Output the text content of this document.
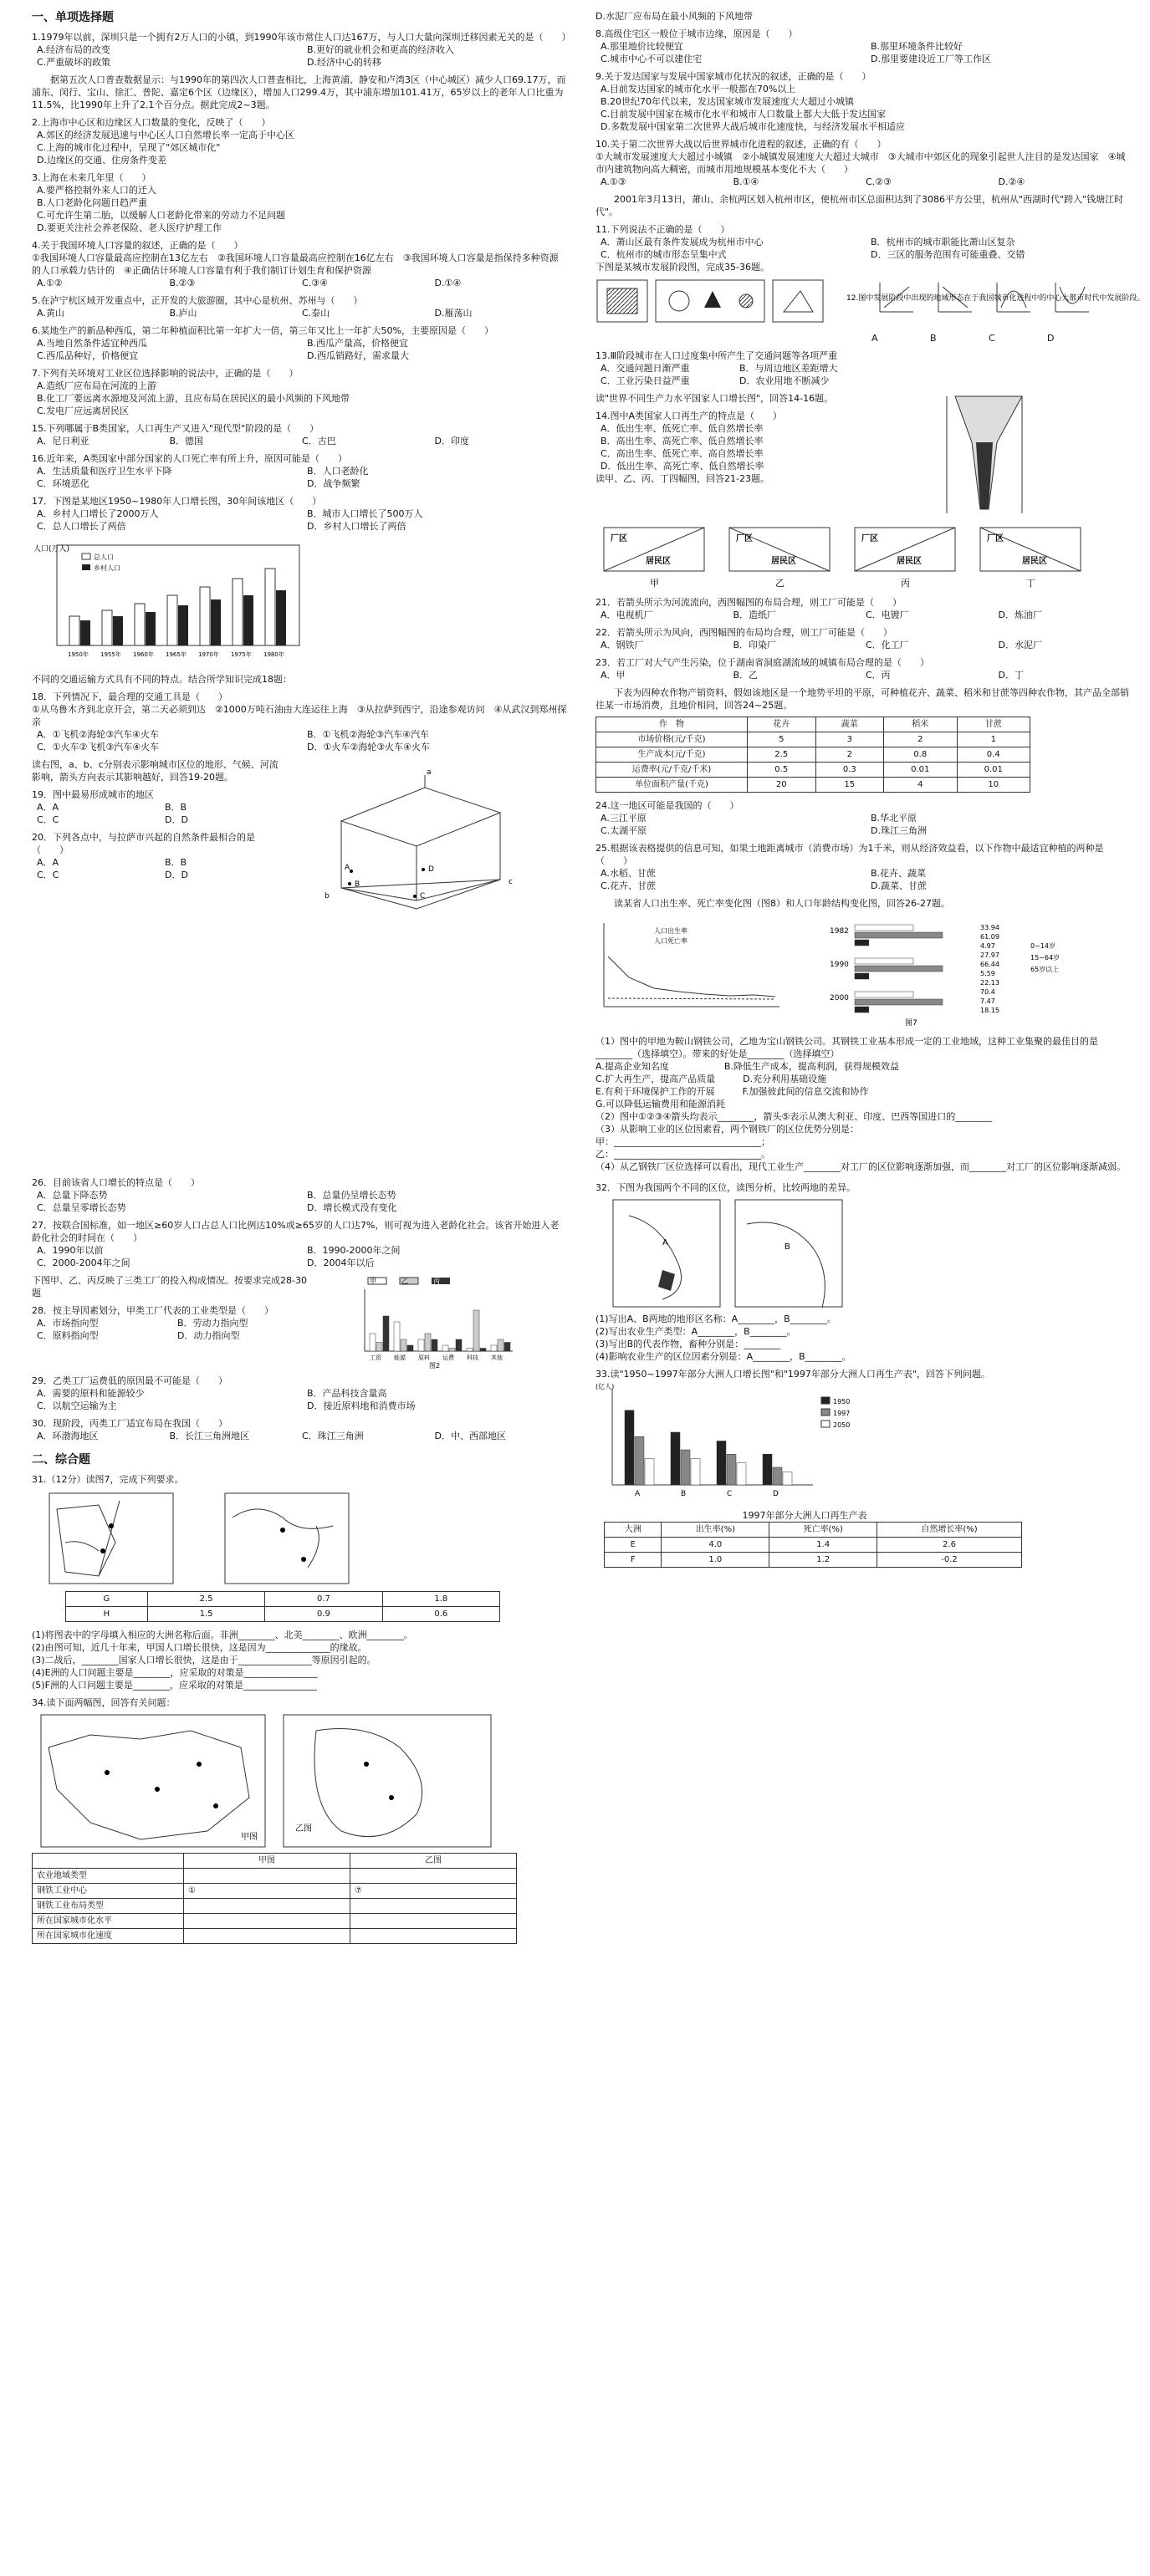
一、单项选择题

1.1979年以前，深圳只是一个拥有2万人口的小镇，到1990年该市常住人口达167万，与人口大量向深圳迁移因素无关的是（　　）

A.经济布局的改变	B.更好的就业机会和更高的经济收入
C.严重破坏的政策	D.经济中心的转移
据第五次人口普查数据显示：与1990年的第四次人口普查相比，上海黄浦、静安和卢湾3区（中心城区）减少人口69.17万，而浦东、闵行、宝山、徐汇、普陀、嘉定6个区（边缘区），增加人口299.4万，其中浦东增加101.41万，65岁以上的老年人口比重为11.5%，比1990年上升了2.1个百分点。据此完成2~3题。

2.上海市中心区和边缘区人口数量的变化，反映了（　　）

A.郊区的经济发展迅速与中心区人口自然增长率一定高于中心区
C.上海的城市化过程中，呈现了"郊区城市化"
D.边缘区的交通、住房条件变差

3.上海在未来几年里（　　）

A.要严格控制外来人口的迁入
B.人口老龄化问题日趋严重
C.可允许生第二胎，以缓解人口老龄化带来的劳动力不足问题
D.要更关注社会养老保险、老人医疗护理工作

4.关于我国环境人口容量的叙述，正确的是（　　）

①我国环境人口容量最高应控制在13亿左右　②我国环境人口容量最高应控制在16亿左右　③我国环境人口容量是指保持多种资源的人口承载力估计的　④正确估计环境人口容量有利于我们制订计划生育和保护资源

A.①②	B.②③	C.③④	D.①④

5.在泸宁杭区域开发重点中，正开发的大旅游圈，其中心是杭州、苏州与（　　）

A.黄山	B.庐山	C.泰山	D.雁荡山

6.某地生产的新品种西瓜，第二年种植面积比第一年扩大一倍，第三年又比上一年扩大50%，主要原因是（　　）

A.当地自然条件适宜种西瓜	B.西瓜产量高，价格便宜
C.西瓜品种好，价格便宜	D.西瓜销路好，需求量大

7.下列有关环境对工业区位选择影响的说法中，正确的是（　　）

A.造纸厂应布局在河流的上游
B.化工厂要远离水源地及河流上游，且应布局在居民区的最小风频的下风地带
C.发电厂应远离居民区

15.下列哪属于B类国家，人口再生产又进入"现代型"阶段的是（　　）

A．尼日利亚	B．德国	C．古巴	D．印度

16.近年来，A类国家中部分国家的人口死亡率有所上升，原因可能是（　　）

A．生活质量和医疗卫生水平下降	B．人口老龄化
C．环境恶化	D．战争频繁

17．下图是某地区1950~1980年人口增长图，30年间该地区（　　）

A．乡村人口增长了2000万人	B．城市人口增长了500万人
C．总人口增长了两倍	D．乡村人口增长了两倍
人口(万人)
总人口
乡村人口
1950年 1955年 1960年 1965年 1970年 1975年 1980年
不同的交通运输方式具有不同的特点。结合所学知识完成18题：

18．下列情况下，最合理的交通工具是（　　）

①从乌鲁木齐到北京开会，第二天必须到达　②1000万吨石油由大连运往上海　③从拉萨到西宁，沿途参观访问　④从武汉到郑州探亲

A．①飞机②海轮③汽车④火车	B．①飞机②海轮③汽车④汽车
C．①火车②飞机③汽车④火车	D．①火车②海轮③火车④火车
读右图，a、b、c分别表示影响城市区位的地形、气候、河流影响，箭头方向表示其影响越好，回答19-20题。

19．图中最易形成城市的地区

A．A	B．B
C．C	D．D

20．下列各点中，与拉萨市兴起的自然条件最相合的是（　　）

A．A	B．B
C．C	D．D
a
b
c
A
B
C
D

26．目前该省人口增长的特点是（　　）

A．总量下降态势	B．总量仍呈增长态势
C．总量呈零增长态势	D．增长模式没有变化

27．按联合国标准，如一地区≥60岁人口占总人口比例达10%或≥65岁的人口达7%，则可视为进入老龄化社会。该省开始进入老龄化社会的时间在（　　）

A．1990年以前	B．1990-2000年之间
C．2000-2004年之间	D．2004年以后
下图甲、乙、丙反映了三类工厂的投入构成情况。按要求完成28-30题

28．按主导因素划分，甲类工厂代表的工业类型是（　　）

A．市场指向型	B．劳动力指向型
C．原料指向型	D．动力指向型
甲	乙	丙
工资 能源 原料 运费 科技 其他
图2

29．乙类工厂运费低的原因最不可能是（　　）

A．需要的原料和能源较少	B．产品科技含量高
C．以航空运输为主	D．接近原料地和消费市场

30．现阶段，丙类工厂适宜布局在我国（　　）

A．环渤海地区	B．长江三角洲地区	C．珠江三角洲	D．中、西部地区
二、综合题

31.（12分）读图7，完成下列要求。

G	2.5	0.7	1.8
H	1.5	0.9	0.6

(1)将图表中的字母填入相应的大洲名称后面。非洲________、北美________、欧洲________。

(2)由图可知，近几十年来，甲国人口增长很快，这是因为______________的缘故。

(3)二战后，________国家人口增长很快，这是由于________________等原因引起的。

(4)E洲的人口问题主要是________，应采取的对策是________________

(5)F洲的人口问题主要是________，应采取的对策是________________

34.读下面两幅图，回答有关问题：

甲图
乙图
	甲图	乙图
农业地域类型		
钢铁工业中心	①	⑦
钢铁工业布局类型		
所在国家城市化水平		
所在国家城市化速度		
D.水泥厂应布局在最小风频的下风地带

8.高级住宅区一般位于城市边缘，原因是（　　）

A.那里地价比较便宜	B.那里环境条件比较好
C.城市中心不可以建住宅	D.那里要建设近工厂等工作区

9.关于发达国家与发展中国家城市化状况的叙述，正确的是（　　）

A.目前发达国家的城市化水平一般都在70%以上
B.20世纪70年代以来，发达国家城市发展速度大大超过小城镇
C.目前发展中国家在城市化水平和城市人口数量上都大大低于发达国家
D.多数发展中国家第二次世界大战后城市化速度快，与经济发展水平相适应

10.关于第二次世界大战以后世界城市化进程的叙述，正确的有（　　）

①大城市发展速度大大超过小城镇　②小城镇发展速度大大超过大城市　③大城市中郊区化的现象引起世人注目的是发达国家　④城市内建筑物向高大稠密，而城市用地规模基本变化不大（　　）

A.①③	B.①④	C.②③	D.②④
2001年3月13日，萧山、余杭两区划入杭州市区，使杭州市区总面积达到了3086平方公里，杭州从"西湖时代"跨入"钱塘江时代"。

11.下列说法不正确的是（　　）

A．萧山区最有条件发展成为杭州市中心	B．杭州市的城市职能比萧山区复杂
C．杭州市的城市形态呈集中式	D．三区的服务范围有可能重叠、交错

下图是某城市发展阶段图，完成35-36题。

12.图中发展阶段中出现的地域形态在于我国城市化进程中的中心大都市时代中发展阶段。
A	B	C	D

13.Ⅲ阶段城市在人口过度集中所产生了交通问题等各项严重

A．交通问题日渐严重	B．与周边地区差距增大
C．工业污染日益严重	D．农业用地不断减少
读"世界不同生产力水平国家人口增长图"，回答14-16题。

14.图中A类国家人口再生产的特点是（　　）

A．低出生率、低死亡率、低自然增长率
B．高出生率、高死亡率、低自然增长率
C．高出生率、低死亡率、高自然增长率
D．低出生率、高死亡率、低自然增长率

读甲、乙、丙、丁四幅图，回答21-23题。

厂区
居民区
甲
厂区
居民区
乙
厂区
居民区
丙
厂区
居民区
丁

21．若箭头所示为河流流向，西图幅图的布局合理，则工厂可能是（　　）

A．电视机厂	B．造纸厂	C．电镀厂	D．炼油厂

22．若箭头所示为风向，西图幅图的布局均合理，则工厂可能是（　　）

A．钢铁厂	B．印染厂	C．化工厂	D．水泥厂

23．若工厂对大气产生污染，位于湖南省洞庭湖流域的城镇布局合理的是（　　）

A．甲	B．乙	C．丙	D．丁
下表为四种农作物产销资料，假如该地区是一个地势平坦的平原，可种植花卉、蔬菜、稻米和甘蔗等四种农作物，其产品全部销往某一市场消费，且地价相同，回答24~25题。
作　物	花卉	蔬菜	稻米	甘蔗
市场价格(元/千克)	5	3	2	1
生产成本(元/千克)	2.5	2	0.8	0.4
运费率(元/千克/千米)	0.5	0.3	0.01	0.01
单位面积产量(千克)	20	15	4	10

24.这一地区可能是我国的（　　）

A.三江平原	B.华北平原
C.太湖平原	D.珠江三角洲

25.根据该表格提供的信息可知，如果土地距离城市（消费市场）为1千米，则从经济效益看，以下作物中最适宜种植的两种是（　　）

A.水稻、甘蔗	B.花卉、蔬菜
C.花卉、甘蔗	D.蔬菜、甘蔗
读某省人口出生率、死亡率变化图（图8）和人口年龄结构变化图，回答26-27题。
人口出生率
人口死亡率
1982
1990
2000
33.94
61.09
4.97
27.97
66.44
5.59
22.13
70.4
7.47
18.15
0~14岁
15~64岁
65岁以上
图7

（1）图中的甲地为鞍山钢铁公司，乙地为宝山钢铁公司。其钢铁工业基本形成一定的工业地域，这种工业集聚的最佳目的是________（选择填空）。带来的好处是________（选择填空）

A.提高企业知名度　　　　　　B.降低生产成本，提高利润，获得规模效益

C.扩大再生产，提高产品质量　　　D.充分利用基础设施

E.有利于环境保护工作的开展　　　F.加强彼此间的信息交流和协作

G.可以降低运输费用和能源消耗

（2）图中①②③④箭头均表示________，箭头⑤表示从澳大利亚、印度、巴西等国进口的________

（3）从影响工业的区位因素看，两个钢铁厂的区位优势分别是：

甲：________________________________；

乙：________________________________。

（4）从乙钢铁厂区位选择可以看出，现代工业生产________对工厂的区位影响逐渐加强，而________对工厂的区位影响逐渐减弱。

32．下图为我国两个不同的区位，读图分析，比较两地的差异。

A	B

(1)写出A、B两地的地形区名称：A________，B________。

(2)写出农业生产类型：A________，B________。

(3)写出B的代表作物，畜种分别是：________

(4)影响农业生产的区位因素分别是：A________，B________。

33.读"1950~1997年部分大洲人口增长图"和"1997年部分大洲人口再生产表"，回答下列问题。

(亿人)
A	B	C	D
1950
1997
2050
1997年部分大洲人口再生产表
大洲	出生率(%)	死亡率(%)	自然增长率(%)
E	4.0	1.4	2.6
F	1.0	1.2	-0.2
